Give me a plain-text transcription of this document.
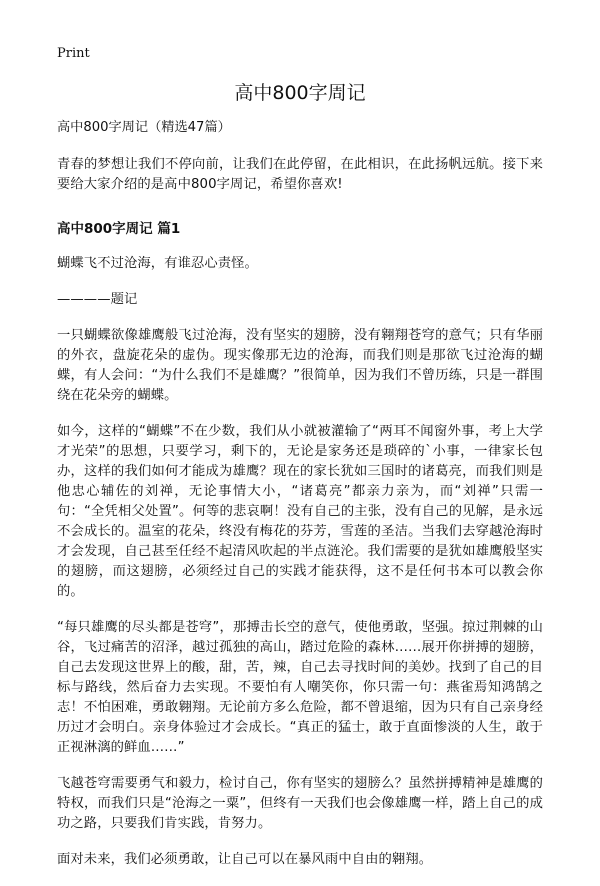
Print
高中800字周记

高中800字周记（精选47篇）

青春的梦想让我们不停向前，让我们在此停留，在此相识，在此扬帆远航。接下来要给大家介绍的是高中800字周记，希望你喜欢!

高中800字周记 篇1

蝴蝶飞不过沧海，有谁忍心责怪。

————题记

一只蝴蝶欲像雄鹰般飞过沧海，没有坚实的翅膀，没有翱翔苍穹的意气；只有华丽的外衣，盘旋花朵的虚伪。现实像那无边的沧海，而我们则是那欲飞过沧海的蝴蝶，有人会问：“为什么我们不是雄鹰？”很简单，因为我们不曾历练，只是一群围绕在花朵旁的蝴蝶。

如今，这样的“蝴蝶”不在少数，我们从小就被灌输了“两耳不闻窗外事，考上大学才光荣”的思想，只要学习，剩下的，无论是家务还是琐碎的`小事，一律家长包办，这样的我们如何才能成为雄鹰？现在的家长犹如三国时的诸葛亮，而我们则是他忠心辅佐的刘禅，无论事情大小，“诸葛亮”都亲力亲为，而“刘禅”只需一句：“全凭相父处置”。何等的悲哀啊！没有自己的主张，没有自己的见解，是永远不会成长的。温室的花朵，终没有梅花的芬芳，雪莲的圣洁。当我们去穿越沧海时才会发现，自己甚至任经不起清风吹起的半点涟沦。我们需要的是犹如雄鹰般坚实的翅膀，而这翅膀，必须经过自己的实践才能获得，这不是任何书本可以教会你的。

“每只雄鹰的尽头都是苍穹”，那搏击长空的意气，使他勇敢，坚强。掠过荆棘的山谷，飞过痛苦的沼泽，越过孤独的高山，踏过危险的森林……展开你拼搏的翅膀，自己去发现这世界上的酸，甜，苦，辣，自己去寻找时间的美妙。找到了自己的目标与路线，然后奋力去实现。不要怕有人嘲笑你，你只需一句：燕雀焉知鸿鹄之志！不怕困难，勇敢翱翔。无论前方多么危险，都不曾退缩，因为只有自己亲身经历过才会明白。亲身体验过才会成长。“真正的猛士，敢于直面惨淡的人生，敢于正视淋漓的鲜血……”

飞越苍穹需要勇气和毅力，检讨自己，你有坚实的翅膀么？虽然拼搏精神是雄鹰的特权，而我们只是“沧海之一粟”，但终有一天我们也会像雄鹰一样，踏上自己的成功之路，只要我们肯实践，肯努力。

面对未来，我们必须勇敢，让自己可以在暴风雨中自由的翱翔。
